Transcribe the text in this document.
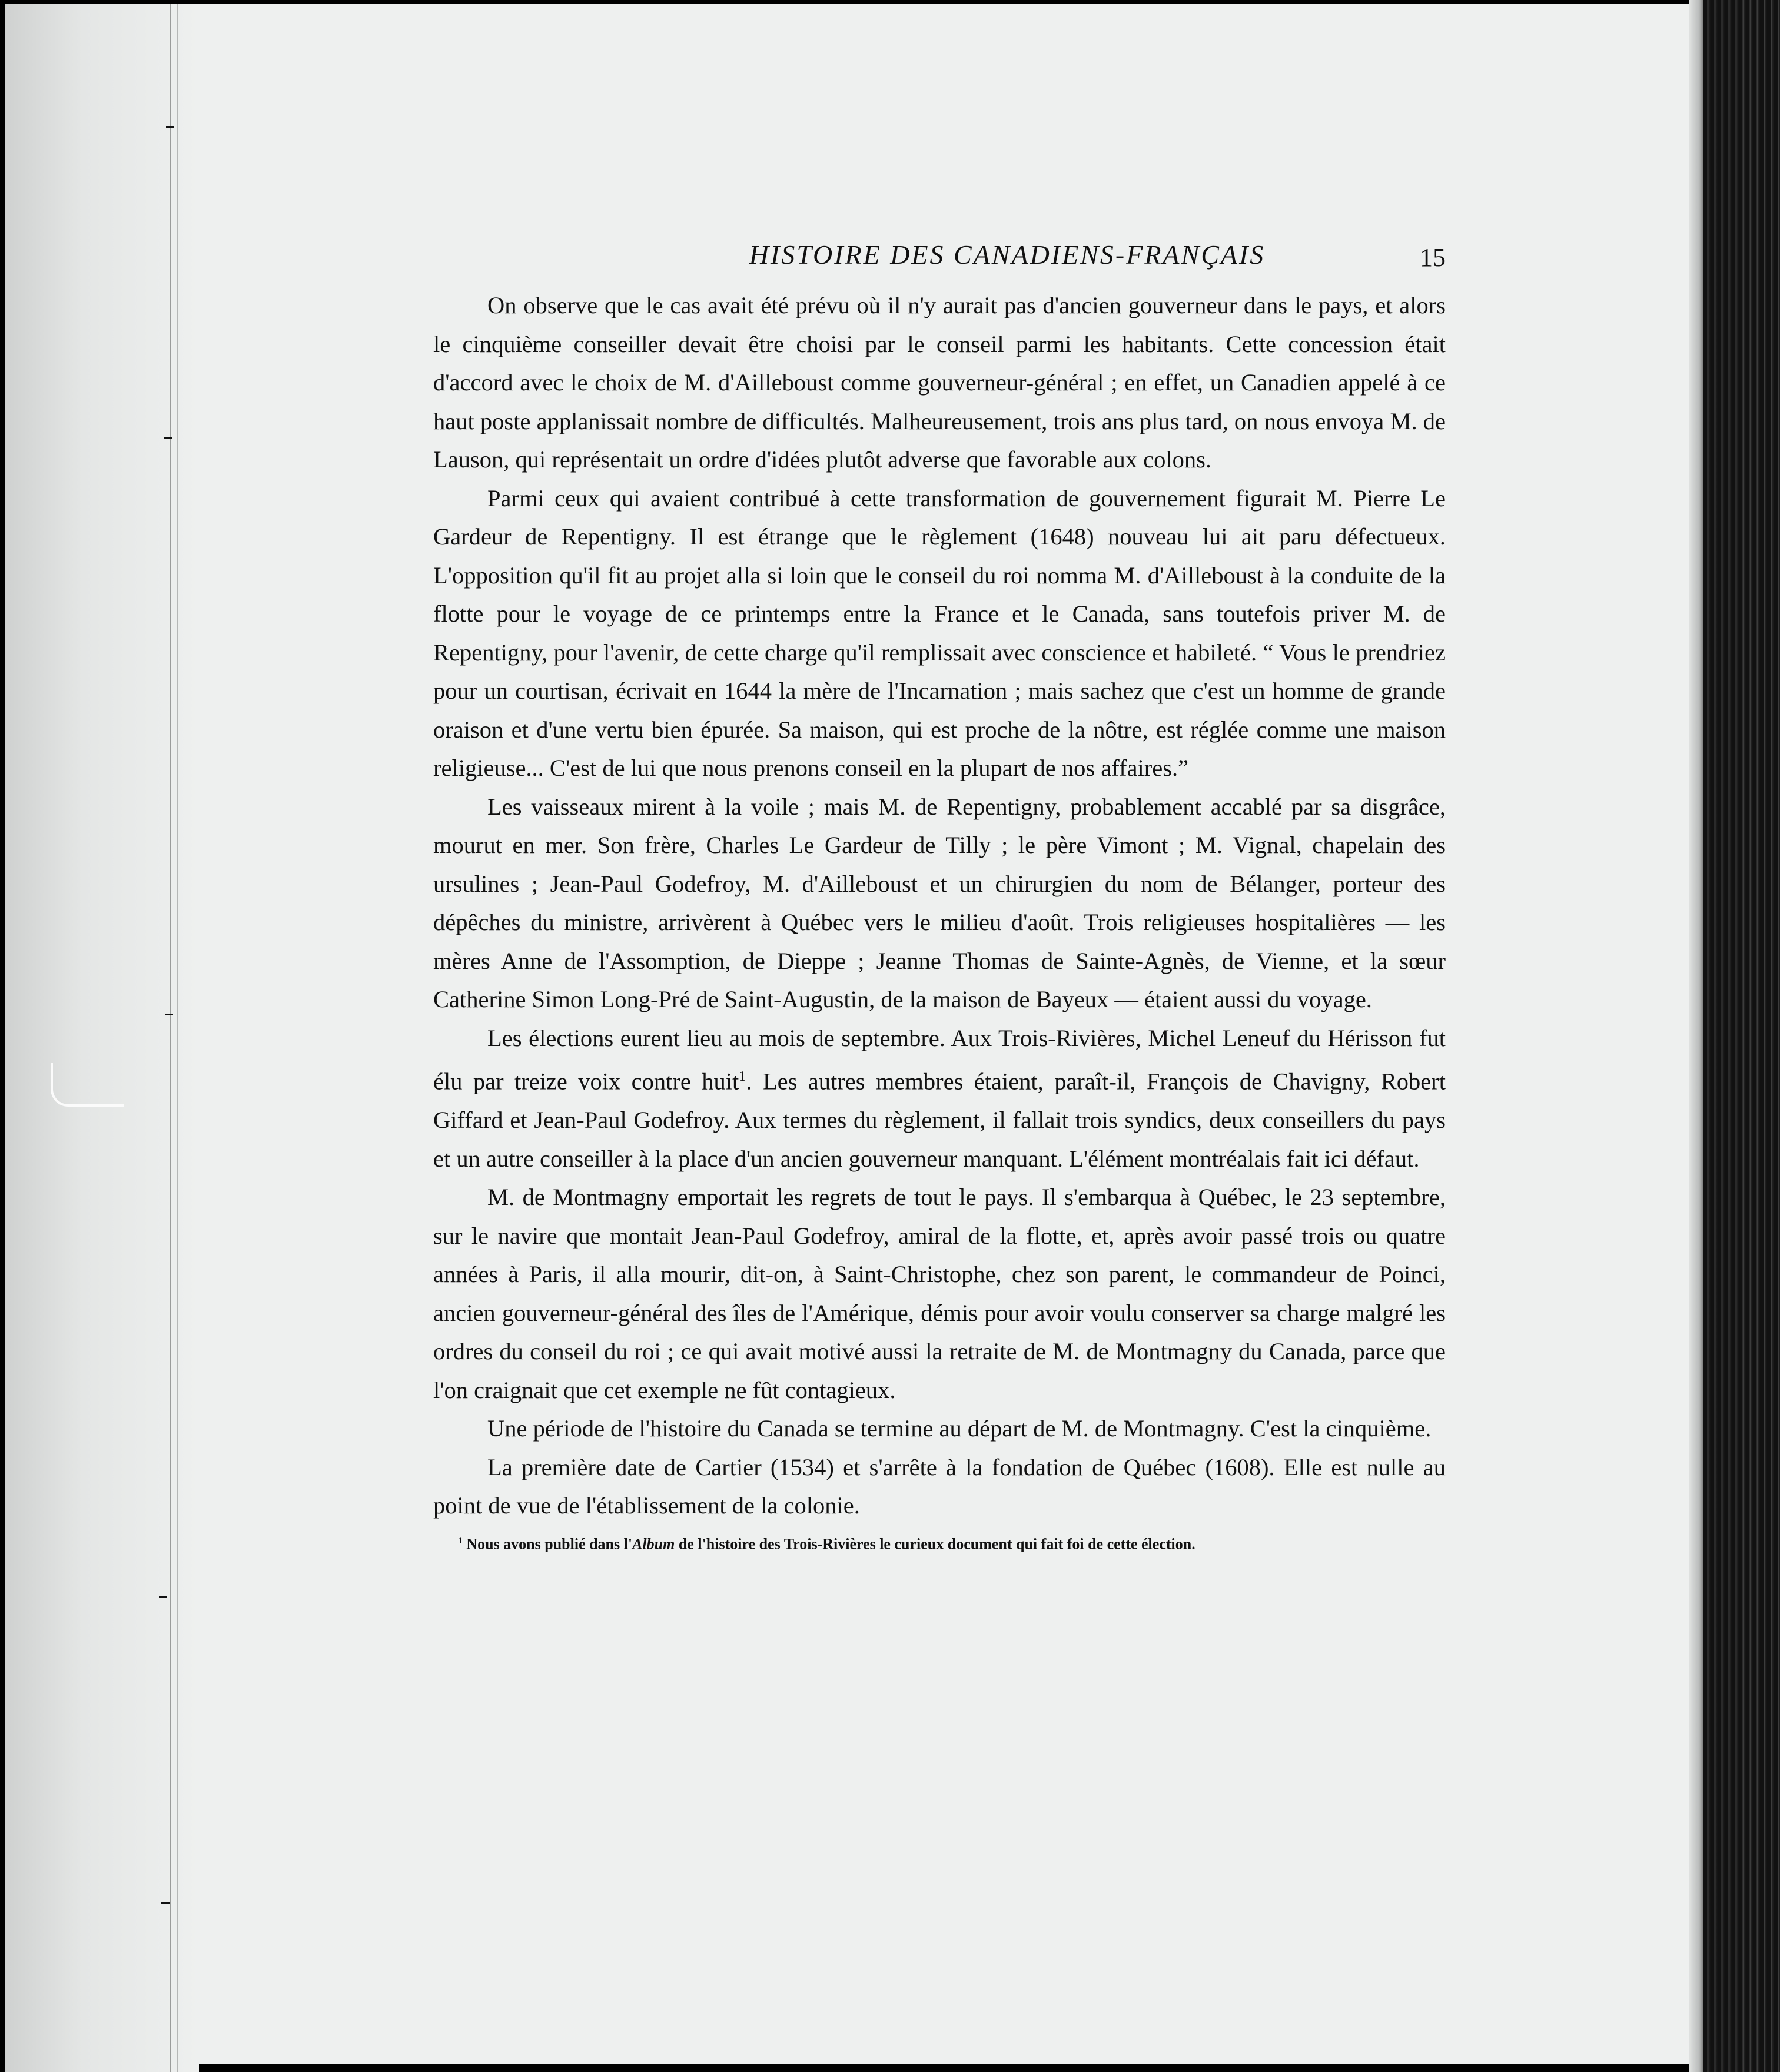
HISTOIRE DES CANADIENS-FRANÇAIS	15

On observe que le cas avait été prévu où il n'y aurait pas d'ancien gouverneur dans le pays, et alors le cinquième conseiller devait être choisi par le conseil parmi les habitants. Cette concession était d'accord avec le choix de M. d'Ailleboust comme gouverneur-général ; en effet, un Canadien appelé à ce haut poste applanissait nombre de difficultés. Malheureusement, trois ans plus tard, on nous envoya M. de Lauson, qui représentait un ordre d'idées plutôt adverse que favorable aux colons.

Parmi ceux qui avaient contribué à cette transformation de gouvernement figurait M. Pierre Le Gardeur de Repentigny. Il est étrange que le règlement (1648) nouveau lui ait paru défectueux. L'opposition qu'il fit au projet alla si loin que le conseil du roi nomma M. d'Ailleboust à la conduite de la flotte pour le voyage de ce printemps entre la France et le Canada, sans toutefois priver M. de Repentigny, pour l'avenir, de cette charge qu'il remplissait avec conscience et habileté. “ Vous le prendriez pour un courtisan, écrivait en 1644 la mère de l'Incarnation ; mais sachez que c'est un homme de grande oraison et d'une vertu bien épurée. Sa maison, qui est proche de la nôtre, est réglée comme une maison religieuse... C'est de lui que nous prenons conseil en la plupart de nos affaires.”

Les vaisseaux mirent à la voile ; mais M. de Repentigny, probablement accablé par sa disgrâce, mourut en mer. Son frère, Charles Le Gardeur de Tilly ; le père Vimont ; M. Vignal, chapelain des ursulines ; Jean-Paul Godefroy, M. d'Ailleboust et un chirurgien du nom de Bélanger, porteur des dépêches du ministre, arrivèrent à Québec vers le milieu d'août. Trois religieuses hospitalières — les mères Anne de l'Assomption, de Dieppe ; Jeanne Thomas de Sainte-Agnès, de Vienne, et la sœur Catherine Simon Long-Pré de Saint-Augustin, de la maison de Bayeux — étaient aussi du voyage.

Les élections eurent lieu au mois de septembre. Aux Trois-Rivières, Michel Leneuf du Hérisson fut élu par treize voix contre huit$^1$. Les autres membres étaient, paraît-il, François de Chavigny, Robert Giffard et Jean-Paul Godefroy. Aux termes du règlement, il fallait trois syndics, deux conseillers du pays et un autre conseiller à la place d'un ancien gouverneur manquant. L'élément montréalais fait ici défaut.

M. de Montmagny emportait les regrets de tout le pays. Il s'embarqua à Québec, le 23 septembre, sur le navire que montait Jean-Paul Godefroy, amiral de la flotte, et, après avoir passé trois ou quatre années à Paris, il alla mourir, dit-on, à Saint-Christophe, chez son parent, le commandeur de Poinci, ancien gouverneur-général des îles de l'Amérique, démis pour avoir voulu conserver sa charge malgré les ordres du conseil du roi ; ce qui avait motivé aussi la retraite de M. de Montmagny du Canada, parce que l'on craignait que cet exemple ne fût contagieux.

Une période de l'histoire du Canada se termine au départ de M. de Montmagny. C'est la cinquième.

La première date de Cartier (1534) et s'arrête à la fondation de Québec (1608). Elle est nulle au point de vue de l'établissement de la colonie.

$^1$ Nous avons publié dans l'Album de l'histoire des Trois-Rivières le curieux document qui fait foi de cette élection.
